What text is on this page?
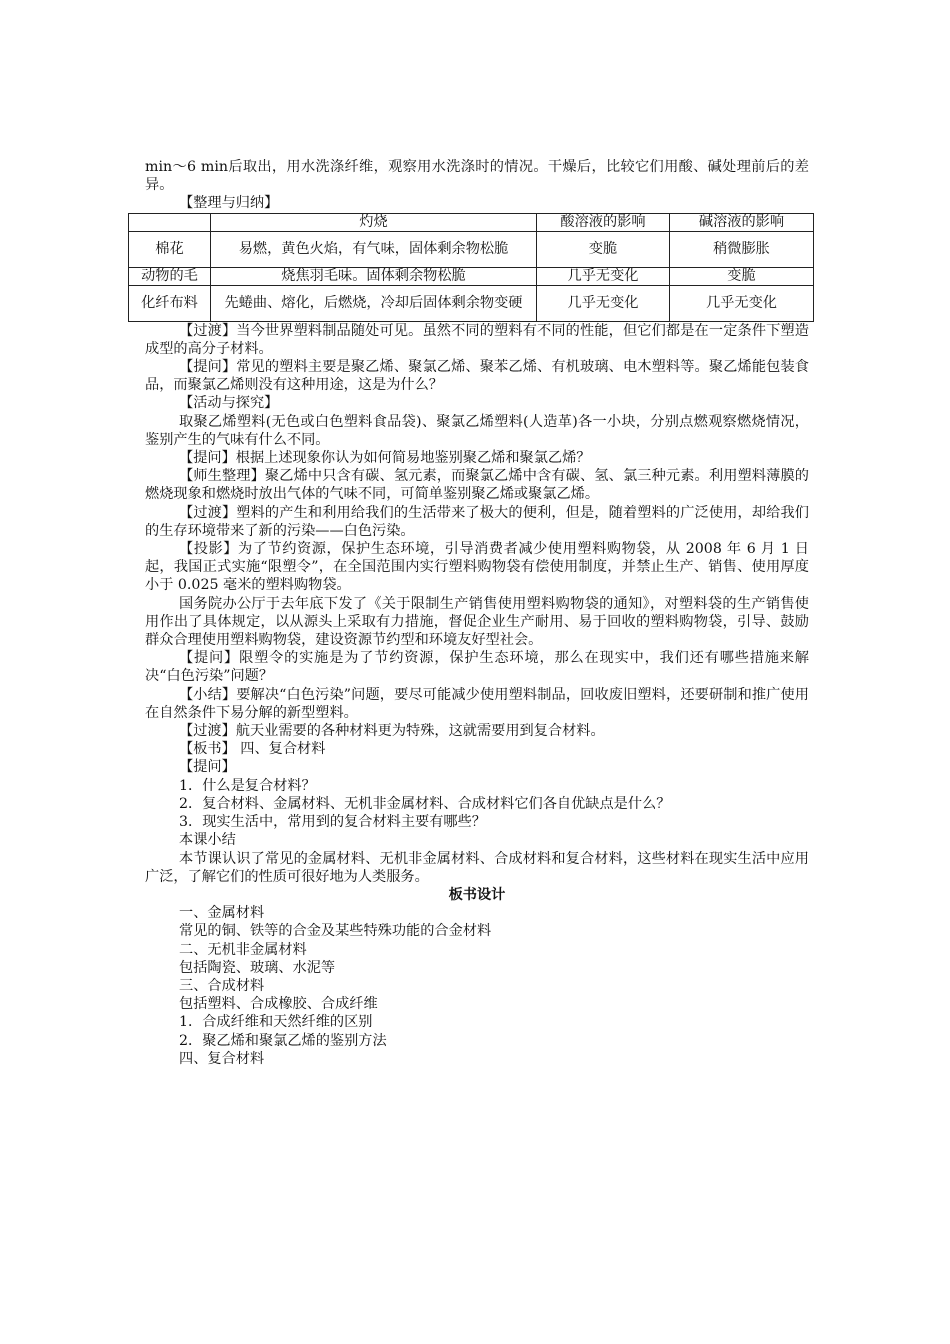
min～6 min后取出，用水洗涤纤维，观察用水洗涤时的情况。干燥后，比较它们用酸、碱处理前后的差异。

【整理与归纳】

	灼烧	酸溶液的影响	碱溶液的影响
棉花	易燃，黄色火焰，有气味，固体剩余物松脆	变脆	稍微膨胀
动物的毛	烧焦羽毛味。固体剩余物松脆	几乎无变化	变脆
化纤布料	先蜷曲、熔化，后燃烧，冷却后固体剩余物变硬	几乎无变化	几乎无变化

【过渡】当今世界塑料制品随处可见。虽然不同的塑料有不同的性能，但它们都是在一定条件下塑造成型的高分子材料。

【提问】常见的塑料主要是聚乙烯、聚氯乙烯、聚苯乙烯、有机玻璃、电木塑料等。聚乙烯能包装食品，而聚氯乙烯则没有这种用途，这是为什么？

【活动与探究】

取聚乙烯塑料(无色或白色塑料食品袋)、聚氯乙烯塑料(人造革)各一小块，分别点燃观察燃烧情况，鉴别产生的气味有什么不同。

【提问】根据上述现象你认为如何简易地鉴别聚乙烯和聚氯乙烯？

【师生整理】聚乙烯中只含有碳、氢元素，而聚氯乙烯中含有碳、氢、氯三种元素。利用塑料薄膜的燃烧现象和燃烧时放出气体的气味不同，可简单鉴别聚乙烯或聚氯乙烯。

【过渡】塑料的产生和利用给我们的生活带来了极大的便利，但是，随着塑料的广泛使用，却给我们的生存环境带来了新的污染——白色污染。

【投影】为了节约资源，保护生态环境，引导消费者减少使用塑料购物袋，从 2008 年 6 月 1 日起，我国正式实施“限塑令”，在全国范围内实行塑料购物袋有偿使用制度，并禁止生产、销售、使用厚度小于 0.025 毫米的塑料购物袋。

国务院办公厅于去年底下发了《关于限制生产销售使用塑料购物袋的通知》，对塑料袋的生产销售使用作出了具体规定，以从源头上采取有力措施，督促企业生产耐用、易于回收的塑料购物袋，引导、鼓励群众合理使用塑料购物袋，建设资源节约型和环境友好型社会。

【提问】限塑令的实施是为了节约资源，保护生态环境，那么在现实中，我们还有哪些措施来解决“白色污染”问题？

【小结】要解决“白色污染”问题，要尽可能减少使用塑料制品，回收废旧塑料，还要研制和推广使用在自然条件下易分解的新型塑料。

【过渡】航天业需要的各种材料更为特殊，这就需要用到复合材料。

【板书】 四、复合材料

【提问】

1．什么是复合材料？

2．复合材料、金属材料、无机非金属材料、合成材料它们各自优缺点是什么？

3．现实生活中，常用到的复合材料主要有哪些？

本课小结

本节课认识了常见的金属材料、无机非金属材料、合成材料和复合材料，这些材料在现实生活中应用广泛，了解它们的性质可很好地为人类服务。

板书设计

一、金属材料

常见的铜、铁等的合金及某些特殊功能的合金材料

二、无机非金属材料

包括陶瓷、玻璃、水泥等

三、合成材料

包括塑料、合成橡胶、合成纤维

1．合成纤维和天然纤维的区别

2．聚乙烯和聚氯乙烯的鉴别方法

四、复合材料
